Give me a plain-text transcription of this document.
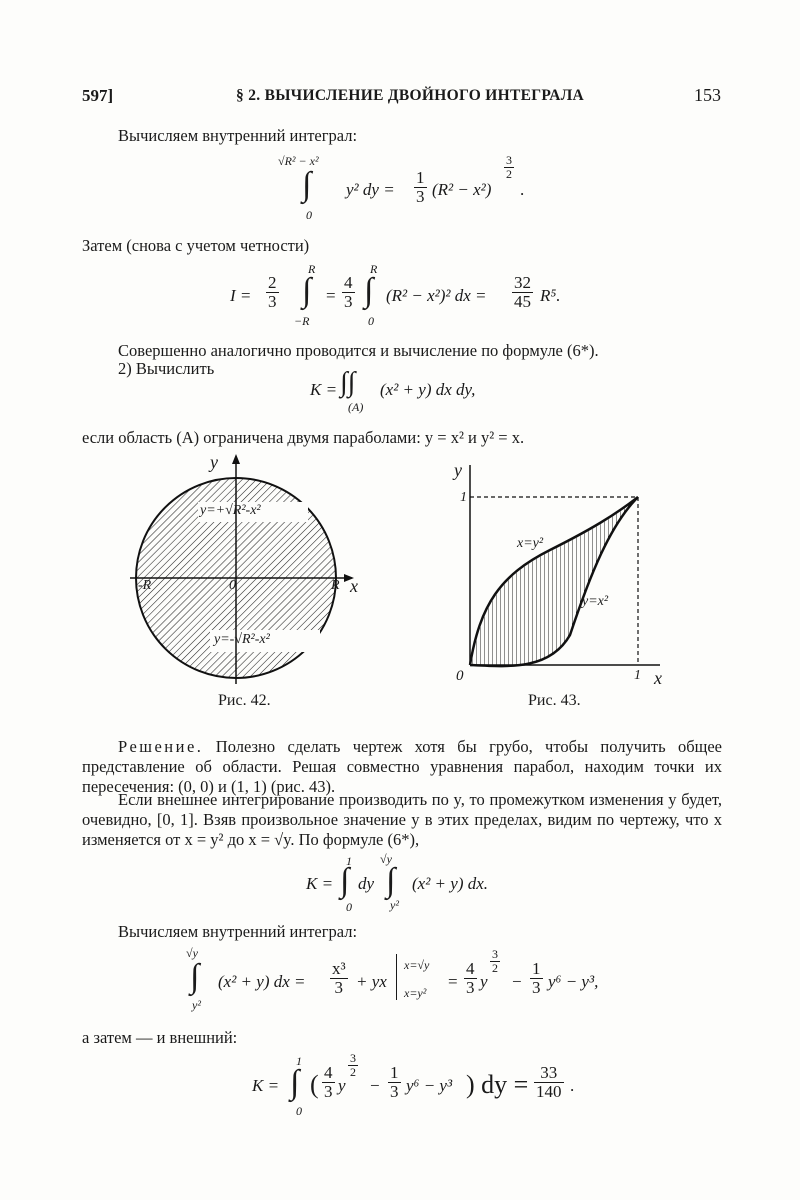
597]	§ 2. ВЫЧИСЛЕНИЕ ДВОЙНОГО ИНТЕГРАЛА	153
Вычисляем внутренний интеграл:
√R² − x²
∫
0
y² dy = $\frac{1}{3} (R^2 - x^2)$
$\frac{3}{2}$
.
Затем (снова с учетом четности)
$I = \frac{2}{3}$
R
∫
−R
= $\frac{4}{3}$
R
∫
0
(R² − x²)² dx = $\frac{32}{45} R^5$.
Совершенно аналогично проводится и вычисление по формуле (6*).
2) Вычислить
K = ∫∫
(A)
(x² + y) dx dy,
если область (A) ограничена двумя параболами: y = x² и y² = x.
y
x
-R	R
0
y=+√R²-x²
y=-√R²-x²
Рис. 42.
y
1
0	1 x
x=y²
y=x²
Рис. 43.
Решение. Полезно сделать чертеж хотя бы грубо, чтобы получить общее представление об области. Решая совместно уравнения парабол, находим точки их пересечения: (0, 0) и (1, 1) (рис. 43).
Если внешнее интегрирование производить по y, то промежутком изменения y будет, очевидно, [0, 1]. Взяв произвольное значение y в этих пределах, видим по чертежу, что x изменяется от x = y² до x = √y. По формуле (6*),
K =
1
∫
0
dy
√y
∫
y²
(x² + y) dx.
Вычисляем внутренний интеграл:
√y
∫
y²
(x² + y) dx = $\frac{\text{x³}}{3}$ + yx
x=√y
x=y²
= $\frac{4}{3}$ y
$\frac{3}{2}$
− $\frac{1}{3} y^6 - y^3$,
а затем — и внешний:
K =
1
∫
0
( $\frac{4}{3}$ y
$\frac{3}{2}$
− $\frac{1}{3} y^6 - y^3$ ) dy = $\frac{33}{140}$ .
